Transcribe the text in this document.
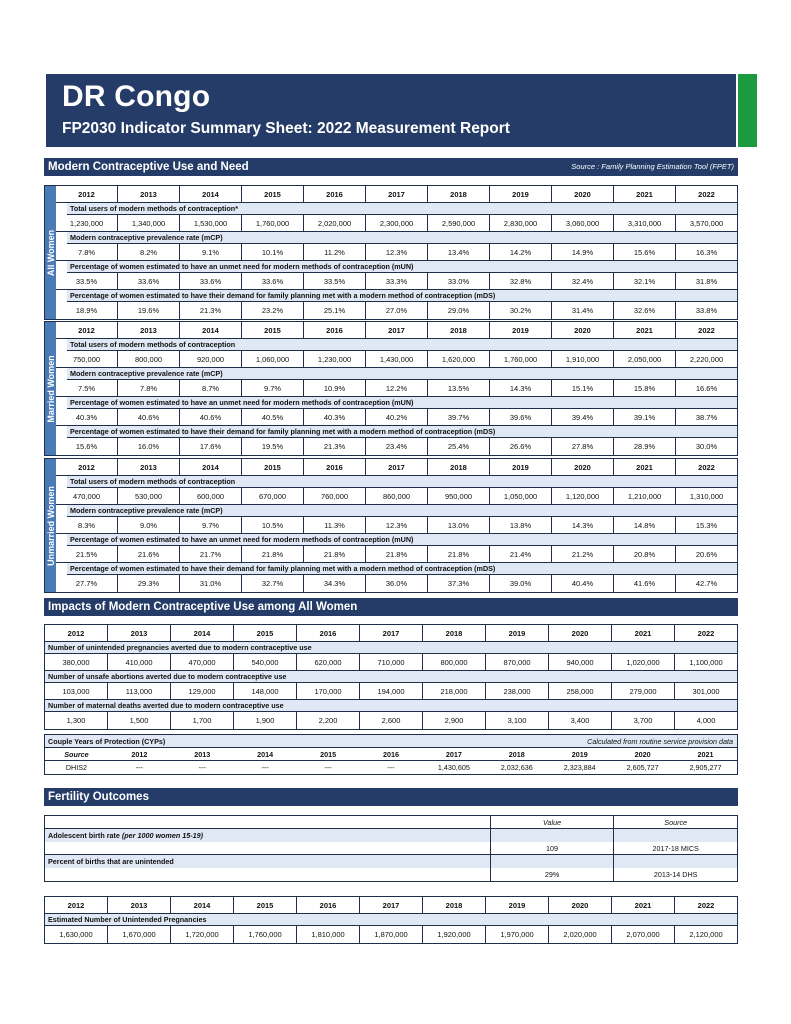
DR Congo
FP2030 Indicator Summary Sheet: 2022 Measurement Report
Modern Contraceptive Use and Need	Source : Family Planning Estimation Tool (FPET)
2012	2013	2014	2015	2016	2017	2018	2019	2020	2021	2022
Total users of modern methods of contraception*
1,230,000	1,340,000	1,530,000	1,760,000	2,020,000	2,300,000	2,590,000	2,830,000	3,060,000	3,310,000	3,570,000
Modern contraceptive prevalence rate (mCP)
7.8%	8.2%	9.1%	10.1%	11.2%	12.3%	13.4%	14.2%	14.9%	15.6%	16.3%
Percentage of women estimated to have an unmet need for modern methods of contraception (mUN)
33.5%	33.6%	33.6%	33.6%	33.5%	33.3%	33.0%	32.8%	32.4%	32.1%	31.8%
Percentage of women estimated to have their demand for family planning met with a modern method of contraception (mDS)
18.9%	19.6%	21.3%	23.2%	25.1%	27.0%	29.0%	30.2%	31.4%	32.6%	33.8%
All Women
2012	2013	2014	2015	2016	2017	2018	2019	2020	2021	2022
Total users of modern methods of contraception
750,000	800,000	920,000	1,060,000	1,230,000	1,430,000	1,620,000	1,760,000	1,910,000	2,050,000	2,220,000
Modern contraceptive prevalence rate (mCP)
7.5%	7.8%	8.7%	9.7%	10.9%	12.2%	13.5%	14.3%	15.1%	15.8%	16.6%
Percentage of women estimated to have an unmet need for modern methods of contraception (mUN)
40.3%	40.6%	40.6%	40.5%	40.3%	40.2%	39.7%	39.6%	39.4%	39.1%	38.7%
Percentage of women estimated to have their demand for family planning met with a modern method of contraception (mDS)
15.6%	16.0%	17.6%	19.5%	21.3%	23.4%	25.4%	26.6%	27.8%	28.9%	30.0%
Married Women
2012	2013	2014	2015	2016	2017	2018	2019	2020	2021	2022
Total users of modern methods of contraception
470,000	530,000	600,000	670,000	760,000	860,000	950,000	1,050,000	1,120,000	1,210,000	1,310,000
Modern contraceptive prevalence rate (mCP)
8.3%	9.0%	9.7%	10.5%	11.3%	12.3%	13.0%	13.8%	14.3%	14.8%	15.3%
Percentage of women estimated to have an unmet need for modern methods of contraception (mUN)
21.5%	21.6%	21.7%	21.8%	21.8%	21.8%	21.8%	21.4%	21.2%	20.8%	20.6%
Percentage of women estimated to have their demand for family planning met with a modern method of contraception (mDS)
27.7%	29.3%	31.0%	32.7%	34.3%	36.0%	37.3%	39.0%	40.4%	41.6%	42.7%
Unmarried Women
Impacts of Modern Contraceptive Use among All Women
2012	2013	2014	2015	2016	2017	2018	2019	2020	2021	2022
Number of unintended pregnancies averted due to modern contraceptive use
380,000	410,000	470,000	540,000	620,000	710,000	800,000	870,000	940,000	1,020,000	1,100,000
Number of unsafe abortions averted due to modern contraceptive use
103,000	113,000	129,000	148,000	170,000	194,000	218,000	238,000	258,000	279,000	301,000
Number of maternal deaths averted due to modern contraceptive use
1,300	1,500	1,700	1,900	2,200	2,600	2,900	3,100	3,400	3,700	4,000
Couple Years of Protection (CYPs)	Calculated from routine service provision data
Source	2012	2013	2014	2015	2016	2017	2018	2019	2020	2021
DHIS2	---	---	---	---	---	1,430,605	2,032,636	2,323,884	2,605,727	2,905,277
Fertility Outcomes
Value	Source
Adolescent birth rate (per 1000 women 15-19)
109	2017-18 MICS
Percent of births that are unintended
29%	2013-14 DHS
2012	2013	2014	2015	2016	2017	2018	2019	2020	2021	2022
Estimated Number of Unintended Pregnancies
1,630,000	1,670,000	1,720,000	1,760,000	1,810,000	1,870,000	1,920,000	1,970,000	2,020,000	2,070,000	2,120,000
